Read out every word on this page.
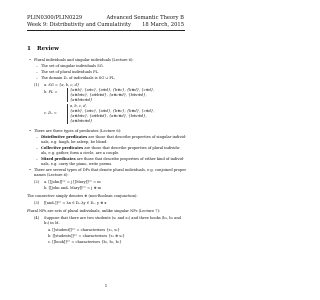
PLIN0300/PLIN0229
Week 9: Distributivity and Cumulativity
Advanced Semantic Theory B
18 March, 2015
1 Review
• Plural individuals and singular individuals (Lecture 6):
– The set of singular individuals SG.
– The set of plural individuals PL.
– The domain Dₑ of individuals is SG ∪ PL.
(1) a. SG = {a, b, c, d}
b. PL =	{a⊕b}, {a⊕c}, {a⊕d}, {b⊕c}, {b⊕d}, {c⊕d},
{a⊕b⊕c}, {a⊕b⊕d}, {a⊕c⊕d}, {b⊕c⊕d},
{a⊕b⊕c⊕d}
c. Dₑ =
a, b, c, d,
{a⊕b}, {a⊕c}, {a⊕d}, {b⊕c}, {b⊕d}, {c⊕d},
{a⊕b⊕c}, {a⊕b⊕d}, {a⊕c⊕d}, {b⊕c⊕d},
{a⊕b⊕c⊕d}
• There are three types of predicates (Lecture 6):
– Distributive predicates are those that describe properties of singular individ-
uals, e.g. laugh, be asleep, be blond.
– Collective predicates are those that describe properties of plural individu-
als, e.g. gather, form a circle, are a couple.
– Mixed predicates are those that describe properties of either kind of individ-
uals, e.g. carry the piano, write poems.
• There are several types of DPs that denote plural individuals, e.g. conjoined proper
names (Lecture 6):
(2) a. [[John]]ᵃʷ = j [[Mary]]ᵃʷ = m
b. [[John andₑ Mary]]ᵃʷ = j ⊕ m
The connective simply denotes ⊕ (non-Boolean conjunction):
(3) [[andₑ]]ᵃʷ = λx ∈ Dₑ.λy ∈ Dₑ. y ⊕ x
Plural NPs are sets of plural individuals, unlike singular NPs (Lecture 7):
(4) Suppose that there are two students (s₁ and s₂) and three books (b₁, b₂ and
b₃) in M.
a. [[student]]ᵃʷ = characterises {s₁, s₂}
b. [[students]]ᵃʷ = characterises {s₁ ⊕ s₂}
c. [[book]]ᵃʷ = characterises {b₁, b₂, b₃}
1
